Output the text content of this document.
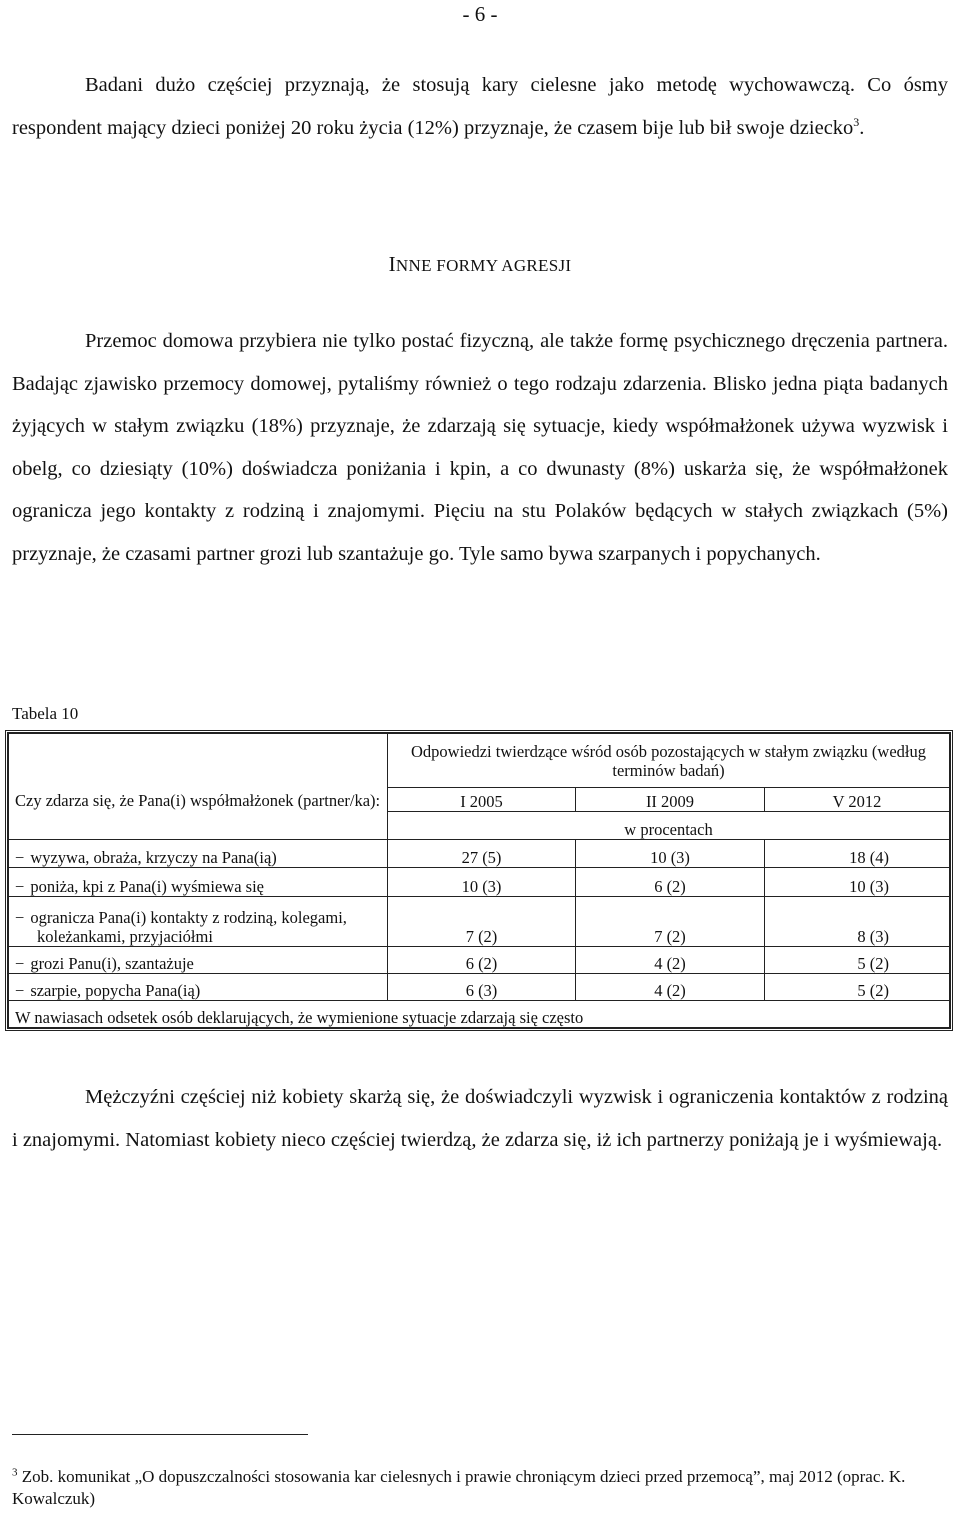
- 6 -

Badani dużo częściej przyznają, że stosują kary cielesne jako metodę wychowawczą. Co ósmy respondent mający dzieci poniżej 20 roku życia (12%) przyznaje, że czasem bije lub bił swoje dziecko$^3$.

INNE FORMY AGRESJI

Przemoc domowa przybiera nie tylko postać fizyczną, ale także formę psychicznego dręczenia partnera. Badając zjawisko przemocy domowej, pytaliśmy również o tego rodzaju zdarzenia. Blisko jedna piąta badanych żyjących w stałym związku (18%) przyznaje, że zdarzają się sytuacje, kiedy współmałżonek używa wyzwisk i obelg, co dziesiąty (10%) doświadcza poniżania i kpin, a co dwunasty (8%) uskarża się, że współmałżonek ogranicza jego kontakty z rodziną i znajomymi. Pięciu na stu Polaków będących w stałych związkach (5%) przyznaje, że czasami partner grozi lub szantażuje go. Tyle samo bywa szarpanych i popychanych.

Tabela 10
Czy zdarza się, że Pana(i) współmałżonek (partner/ka):	Odpowiedzi twierdzące wśród osób pozostających w stałym związku (według terminów badań)		
	I 2005	II 2009	V 2012
	w procentach		
− wyzywa, obraża, krzyczy na Pana(ią)	27 (5)	10 (3)	18 (4)
− poniża, kpi z Pana(i) wyśmiewa się	10 (3)	6 (2)	10 (3)
− ogranicza Pana(i) kontakty z rodziną, kolegami, koleżankami, przyjaciółmi	7 (2)	7 (2)	8 (3)
− grozi Panu(i), szantażuje	6 (2)	4 (2)	5 (2)
− szarpie, popycha Pana(ią)	6 (3)	4 (2)	5 (2)
W nawiasach odsetek osób deklarujących, że wymienione sytuacje zdarzają się często			

Mężczyźni częściej niż kobiety skarżą się, że doświadczyli wyzwisk i ograniczenia kontaktów z rodziną i znajomymi. Natomiast kobiety nieco częściej twierdzą, że zdarza się, iż ich partnerzy poniżają je i wyśmiewają.

$^3$ Zob. komunikat „O dopuszczalności stosowania kar cielesnych i prawie chroniącym dzieci przed przemocą”, maj 2012 (oprac. K. Kowalczuk)
